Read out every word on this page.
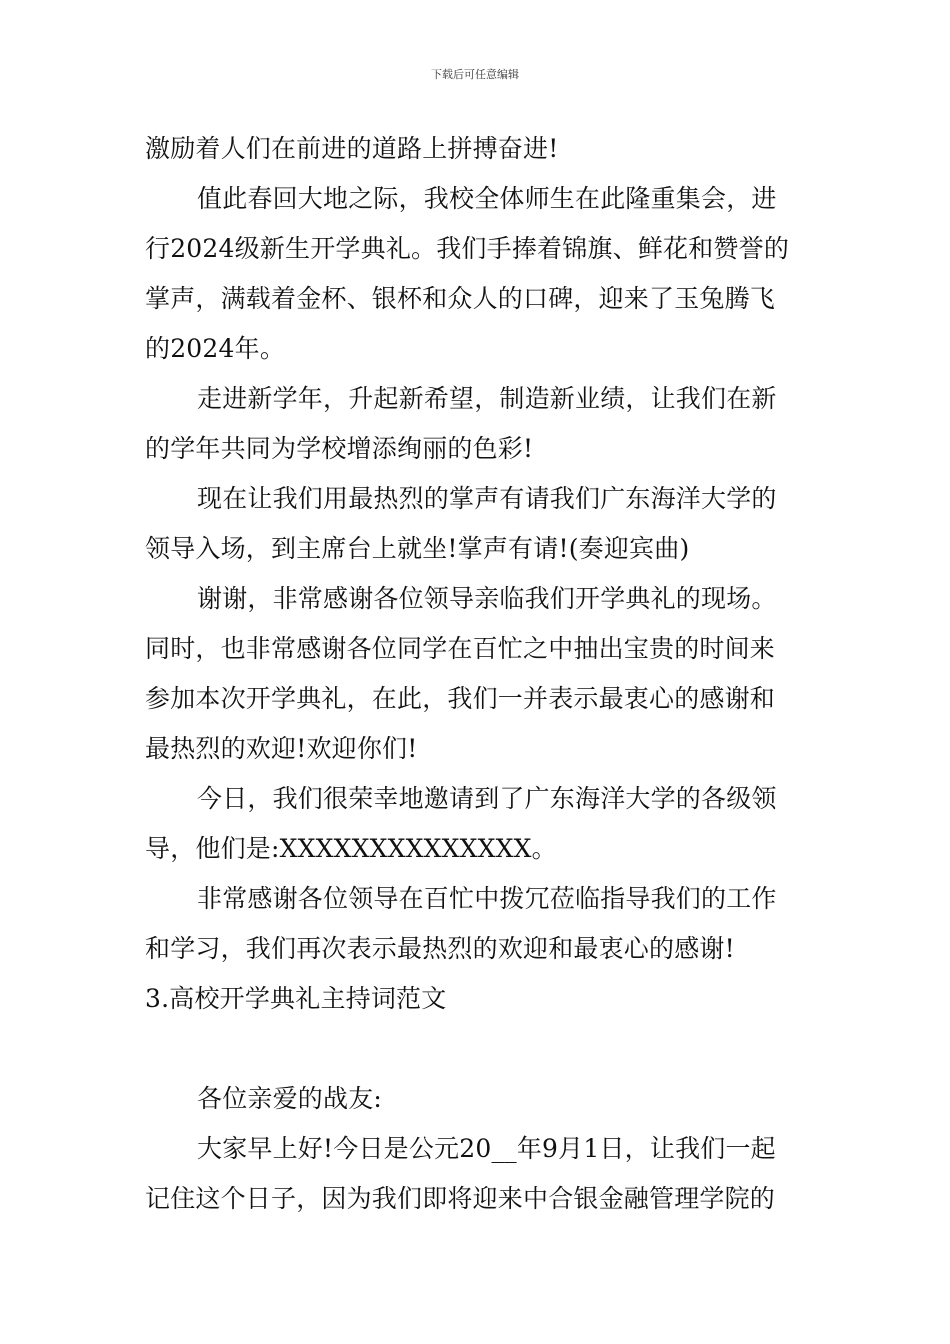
下载后可任意编辑
激励着人们在前进的道路上拼搏奋进!
值此春回大地之际，我校全体师生在此隆重集会，进
行2024级新生开学典礼。我们手捧着锦旗、鲜花和赞誉的
掌声，满载着金杯、银杯和众人的口碑，迎来了玉兔腾飞
的2024年。
走进新学年，升起新希望，制造新业绩，让我们在新
的学年共同为学校增添绚丽的色彩!
现在让我们用最热烈的掌声有请我们广东海洋大学的
领导入场，到主席台上就坐!掌声有请!(奏迎宾曲)
谢谢，非常感谢各位领导亲临我们开学典礼的现场。
同时，也非常感谢各位同学在百忙之中抽出宝贵的时间来
参加本次开学典礼，在此，我们一并表示最衷心的感谢和
最热烈的欢迎!欢迎你们!
今日，我们很荣幸地邀请到了广东海洋大学的各级领
导，他们是:XXXXXXXXXXXXXX。
非常感谢各位领导在百忙中拨冗莅临指导我们的工作
和学习，我们再次表示最热烈的欢迎和最衷心的感谢!
3.高校开学典礼主持词范文
各位亲爱的战友:
大家早上好!今日是公元20__年9月1日，让我们一起
记住这个日子，因为我们即将迎来中合银金融管理学院的
